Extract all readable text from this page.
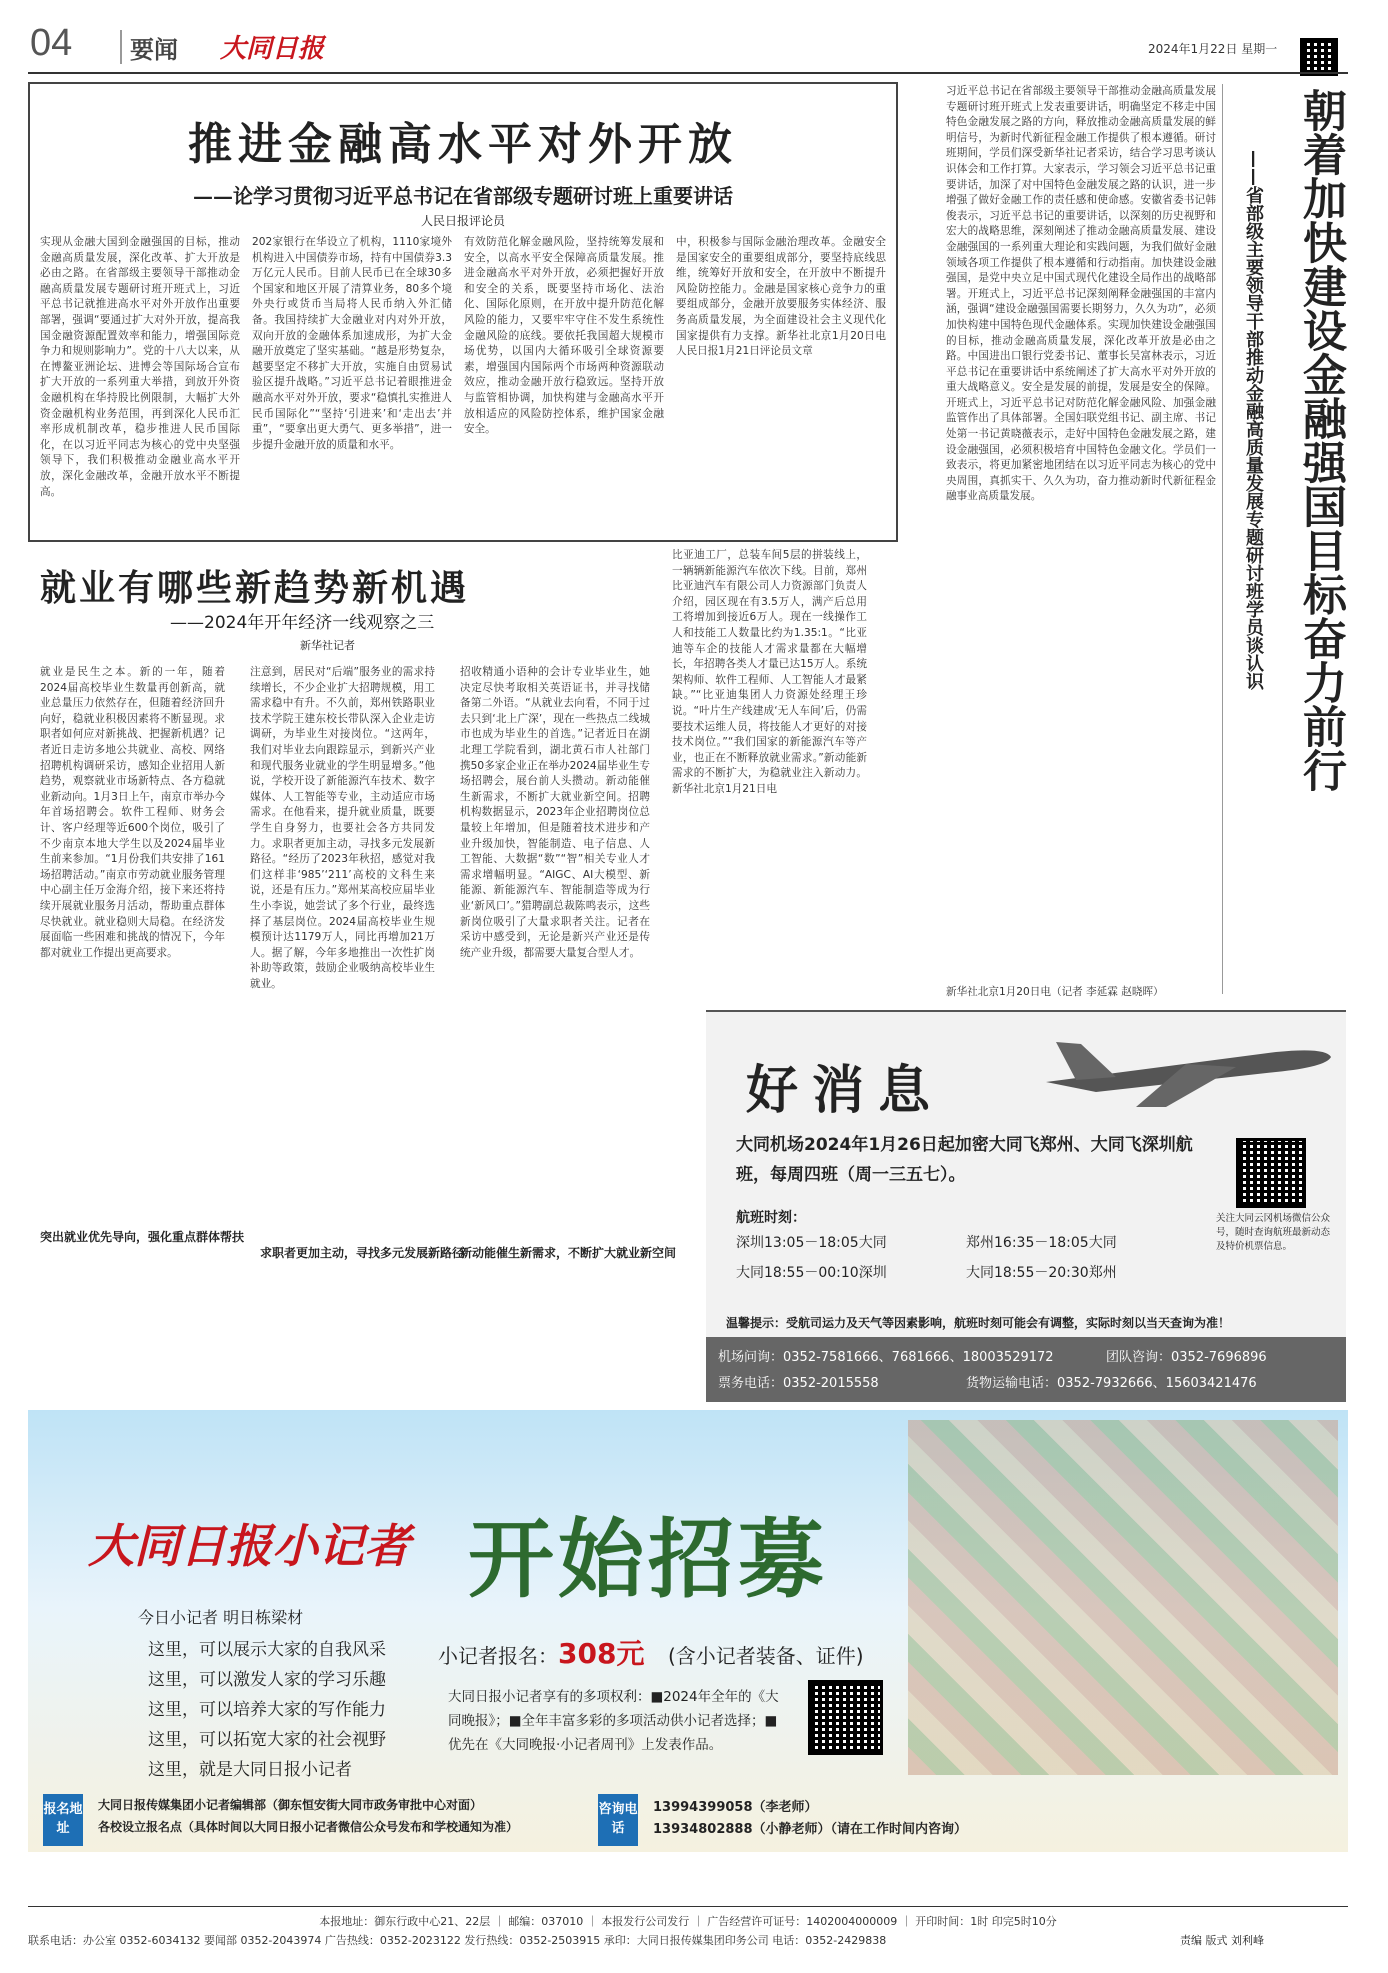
04 要闻 大同日报	2024年1月22日 星期一
推进金融高水平对外开放
——论学习贯彻习近平总书记在省部级专题研讨班上重要讲话
人民日报评论员
实现从金融大国到金融强国的目标，推动金融高质量发展，深化改革、扩大开放是必由之路。在省部级主要领导干部推动金融高质量发展专题研讨班开班式上，习近平总书记就推进高水平对外开放作出重要部署，强调“要通过扩大对外开放，提高我国金融资源配置效率和能力，增强国际竞争力和规则影响力”。党的十八大以来，从在博鳌亚洲论坛、进博会等国际场合宣布扩大开放的一系列重大举措，到放开外资金融机构在华持股比例限制，大幅扩大外资金融机构业务范围，再到深化人民币汇率形成机制改革，稳步推进人民币国际化，在以习近平同志为核心的党中央坚强领导下，我们积极推动金融业高水平开放，深化金融改革，金融开放水平不断提高。
202家银行在华设立了机构，1110家境外机构进入中国债券市场，持有中国债券3.3万亿元人民币。目前人民币已在全球30多个国家和地区开展了清算业务，80多个境外央行或货币当局将人民币纳入外汇储备。我国持续扩大金融业对内对外开放，双向开放的金融体系加速成形，为扩大金融开放奠定了坚实基础。“越是形势复杂，越要坚定不移扩大开放，实施自由贸易试验区提升战略。”习近平总书记着眼推进金融高水平对外开放，要求“稳慎扎实推进人民币国际化”“坚持‘引进来’和‘走出去’并重”，“要拿出更大勇气、更多举措”，进一步提升金融开放的质量和水平。
有效防范化解金融风险，坚持统筹发展和安全，以高水平安全保障高质量发展。推进金融高水平对外开放，必须把握好开放和安全的关系，既要坚持市场化、法治化、国际化原则，在开放中提升防范化解风险的能力，又要牢牢守住不发生系统性金融风险的底线。要依托我国超大规模市场优势，以国内大循环吸引全球资源要素，增强国内国际两个市场两种资源联动效应，推动金融开放行稳致远。坚持开放与监管相协调，加快构建与金融高水平开放相适应的风险防控体系，维护国家金融安全。
中，积极参与国际金融治理改革。金融安全是国家安全的重要组成部分，要坚持底线思维，统筹好开放和安全，在开放中不断提升风险防控能力。金融是国家核心竞争力的重要组成部分，金融开放要服务实体经济、服务高质量发展，为全面建设社会主义现代化国家提供有力支撑。新华社北京1月20日电 人民日报1月21日评论员文章
习近平总书记在省部级主要领导干部推动金融高质量发展专题研讨班开班式上发表重要讲话，明确坚定不移走中国特色金融发展之路的方向，释放推动金融高质量发展的鲜明信号，为新时代新征程金融工作提供了根本遵循。研讨班期间，学员们深受新华社记者采访，结合学习思考谈认识体会和工作打算。大家表示，学习领会习近平总书记重要讲话，加深了对中国特色金融发展之路的认识，进一步增强了做好金融工作的责任感和使命感。安徽省委书记韩俊表示，习近平总书记的重要讲话，以深刻的历史视野和宏大的战略思维，深刻阐述了推动金融高质量发展、建设金融强国的一系列重大理论和实践问题，为我们做好金融领域各项工作提供了根本遵循和行动指南。加快建设金融强国，是党中央立足中国式现代化建设全局作出的战略部署。开班式上，习近平总书记深刻阐释金融强国的丰富内涵，强调“建设金融强国需要长期努力，久久为功”，必须加快构建中国特色现代金融体系。实现加快建设金融强国的目标，推动金融高质量发展，深化改革开放是必由之路。中国进出口银行党委书记、董事长吴富林表示，习近平总书记在重要讲话中系统阐述了扩大高水平对外开放的重大战略意义。安全是发展的前提，发展是安全的保障。开班式上，习近平总书记对防范化解金融风险、加强金融监管作出了具体部署。全国妇联党组书记、副主席、书记处第一书记黄晓薇表示，走好中国特色金融发展之路，建设金融强国，必须积极培育中国特色金融文化。学员们一致表示，将更加紧密地团结在以习近平同志为核心的党中央周围，真抓实干、久久为功，奋力推动新时代新征程金融事业高质量发展。
新华社北京1月20日电（记者 李延霖 赵晓晖）
朝着加快建设金融强国目标奋力前行
——省部级主要领导干部推动金融高质量发展专题研讨班学员谈认识
就业有哪些新趋势新机遇
——2024年开年经济一线观察之三
新华社记者
就业是民生之本。新的一年，随着2024届高校毕业生数量再创新高，就业总量压力依然存在，但随着经济回升向好，稳就业积极因素将不断显现。求职者如何应对新挑战、把握新机遇？记者近日走访多地公共就业、高校、网络招聘机构调研采访，感知企业招用人新趋势，观察就业市场新特点、各方稳就业新动向。1月3日上午，南京市举办今年首场招聘会。软件工程师、财务会计、客户经理等近600个岗位，吸引了不少南京本地大学生以及2024届毕业生前来参加。“1月份我们共安排了161场招聘活动。”南京市劳动就业服务管理中心副主任万金海介绍，接下来还将持续开展就业服务月活动，帮助重点群体尽快就业。就业稳则大局稳。在经济发展面临一些困难和挑战的情况下，今年都对就业工作提出更高要求。
注意到，居民对“后端”服务业的需求持续增长，不少企业扩大招聘规模，用工需求稳中有升。不久前，郑州铁路职业技术学院王建东校长带队深入企业走访调研，为毕业生对接岗位。“这两年，我们对毕业去向跟踪显示，到新兴产业和现代服务业就业的学生明显增多。”他说，学校开设了新能源汽车技术、数字媒体、人工智能等专业，主动适应市场需求。在他看来，提升就业质量，既要学生自身努力，也要社会各方共同发力。求职者更加主动，寻找多元发展新路径。“经历了2023年秋招，感觉对我们这样非‘985’‘211’高校的文科生来说，还是有压力。”郑州某高校应届毕业生小李说，她尝试了多个行业，最终选择了基层岗位。2024届高校毕业生规模预计达1179万人，同比再增加21万人。据了解，今年多地推出一次性扩岗补助等政策，鼓励企业吸纳高校毕业生就业。
招收精通小语种的会计专业毕业生，她决定尽快考取相关英语证书，并寻找储备第二外语。“从就业去向看，不同于过去只到‘北上广深’，现在一些热点二线城市也成为毕业生的首选。”记者近日在湖北理工学院看到，湖北黄石市人社部门携50多家企业正在举办2024届毕业生专场招聘会，展台前人头攒动。新动能催生新需求，不断扩大就业新空间。招聘机构数据显示，2023年企业招聘岗位总量较上年增加，但是随着技术进步和产业升级加快，智能制造、电子信息、人工智能、大数据“数”“智”相关专业人才需求增幅明显。“AIGC、AI大模型、新能源、新能源汽车、智能制造等成为行业‘新风口’。”猎聘副总裁陈鸣表示，这些新岗位吸引了大量求职者关注。记者在采访中感受到，无论是新兴产业还是传统产业升级，都需要大量复合型人才。
比亚迪工厂，总装车间5层的拼装线上，一辆辆新能源汽车依次下线。目前，郑州比亚迪汽车有限公司人力资源部门负责人介绍，园区现在有3.5万人，满产后总用工将增加到接近6万人。现在一线操作工人和技能工人数量比约为1.35:1。“比亚迪等车企的技能人才需求量都在大幅增长，年招聘各类人才量已达15万人。系统架构师、软件工程师、人工智能人才最紧缺。”“比亚迪集团人力资源处经理王珍说。“叶片生产线建成‘无人车间’后，仍需要技术运维人员，将技能人才更好的对接技术岗位。”“我们国家的新能源汽车等产业，也正在不断释放就业需求。”新动能新需求的不断扩大，为稳就业注入新动力。新华社北京1月21日电
突出就业优先导向，强化重点群体帮扶
求职者更加主动，寻找多元发展新路径
新动能催生新需求，不断扩大就业新空间
好消息
大同机场2024年1月26日起加密大同飞郑州、大同飞深圳航班，每周四班（周一三五七）。
航班时刻：
深圳13:05－18:05大同
大同18:55－00:10深圳
郑州16:35－18:05大同
大同18:55－20:30郑州
关注大同云冈机场微信公众号，随时查询航班最新动态及特价机票信息。
温馨提示：受航司运力及天气等因素影响，航班时刻可能会有调整，实际时刻以当天查询为准！
机场问询：0352-7581666、7681666、18003529172	团队咨询：0352-7696896
票务电话：0352-2015558	货物运输电话：0352-7932666、15603421476
大同日报小记者 开始招募
今日小记者 明日栋梁材
这里，可以展示大家的自我风采
这里，可以激发人家的学习乐趣
这里，可以培养大家的写作能力
这里，可以拓宽大家的社会视野
这里，就是大同日报小记者
小记者报名： 308元 (含小记者装备、证件)
大同日报小记者享有的多项权利：■2024年全年的《大同晚报》；■全年丰富多彩的多项活动供小记者选择；■优先在《大同晚报·小记者周刊》上发表作品。
报名地址
大同日报传媒集团小记者编辑部（御东恒安街大同市政务审批中心对面）
各校设立报名点（具体时间以大同日报小记者微信公众号发布和学校通知为准）
咨询电话
13994399058（李老师）
13934802888（小静老师）（请在工作时间内咨询）
本报地址：御东行政中心21、22层 ｜ 邮编：037010 ｜ 本报发行公司发行 ｜ 广告经营许可证号：1402004000009 ｜ 开印时间：1时 印完5时10分
联系电话：办公室 0352-6034132 要闻部 0352-2043974 广告热线：0352-2023122 发行热线：0352-2503915 承印：大同日报传媒集团印务公司 电话：0352-2429838	责编 版式 刘利峰
